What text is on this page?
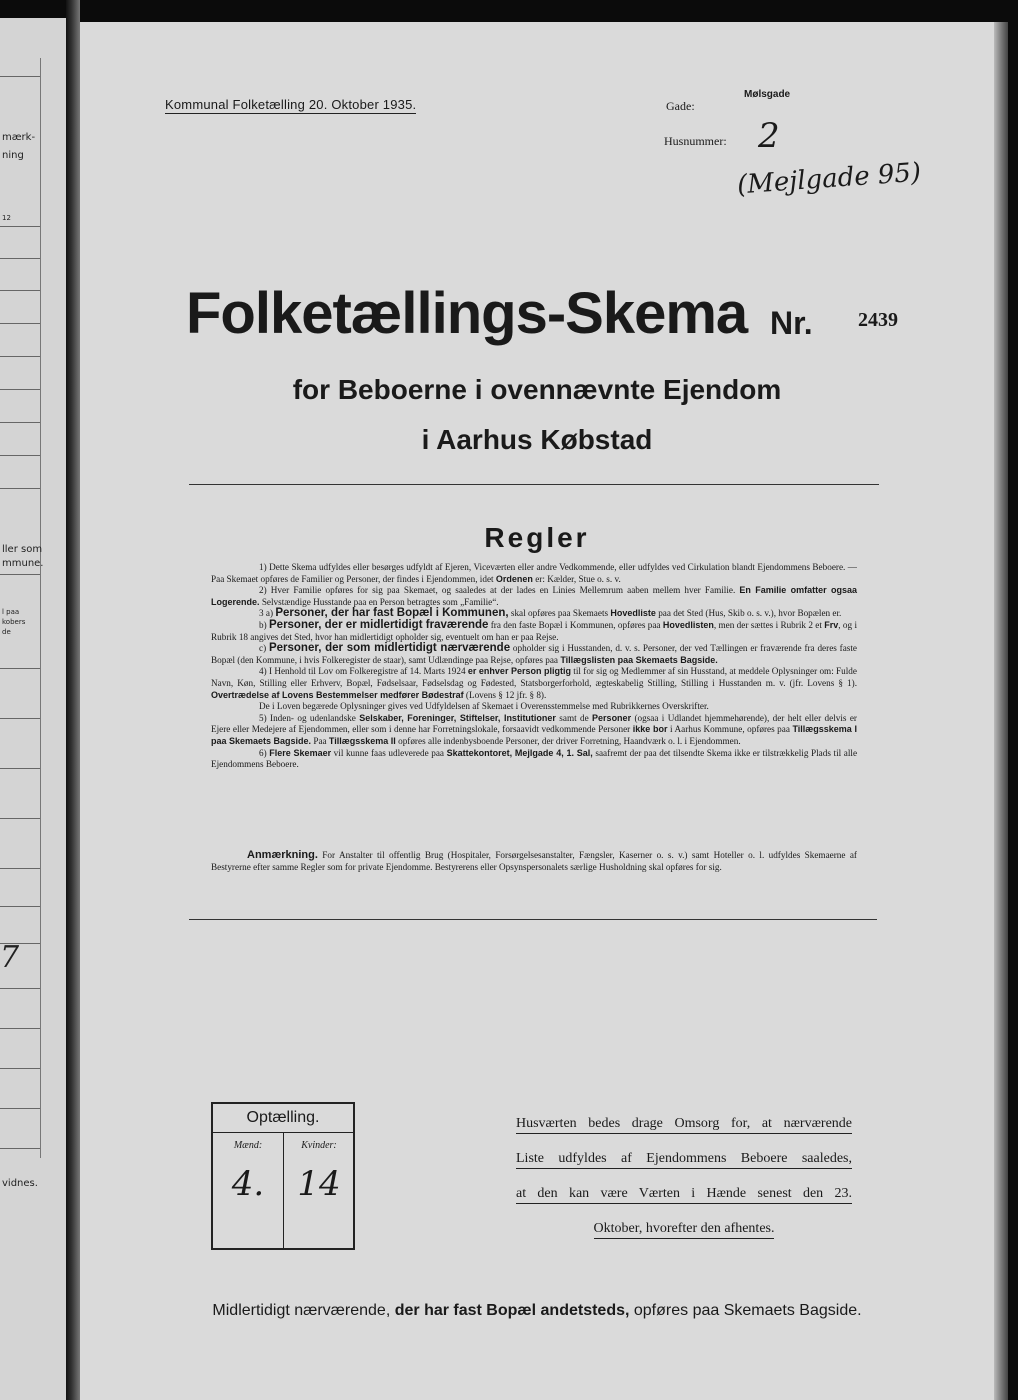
mærk-
ning
12
ller som
mmune.
l paa
kobers
de
7
vidnes.
Kommunal Folketælling 20. Oktober 1935.	Gade:
Mølsgade
Husnummer: 2
(Mejlgade 95)
Folketællings-Skema Nr. 2439
for Beboerne i ovennævnte Ejendom
i Aarhus Købstad
Regler

1) Dette Skema udfyldes eller besørges udfyldt af Ejeren, Viceværten eller andre Vedkommende, eller udfyldes ved Cirkulation blandt Ejendommens Beboere. — Paa Skemaet opføres de Familier og Personer, der findes i Ejendommen, idet Ordenen er: Kælder, Stue o. s. v.

2) Hver Familie opføres for sig paa Skemaet, og saaledes at der lades en Linies Mellemrum aaben mellem hver Familie. En Familie omfatter ogsaa Logerende. Selvstændige Husstande paa en Person betragtes som „Familie“.

3 a) Personer, der har fast Bopæl i Kommunen, skal opføres paa Skemaets Hovedliste paa det Sted (Hus, Skib o. s. v.), hvor Bopælen er.

b) Personer, der er midlertidigt fraværende fra den faste Bopæl i Kommunen, opføres paa Hovedlisten, men der sættes i Rubrik 2 et Frv, og i Rubrik 18 angives det Sted, hvor han midlertidigt opholder sig, eventuelt om han er paa Rejse.

c) Personer, der som midlertidigt nærværende opholder sig i Husstanden, d. v. s. Personer, der ved Tællingen er fraværende fra deres faste Bopæl (den Kommune, i hvis Folkeregister de staar), samt Udlændinge paa Rejse, opføres paa Tillægslisten paa Skemaets Bagside.

4) I Henhold til Lov om Folkeregistre af 14. Marts 1924 er enhver Person pligtig til for sig og Medlemmer af sin Husstand, at meddele Oplysninger om: Fulde Navn, Køn, Stilling eller Erhverv, Bopæl, Fødselsaar, Fødselsdag og Fødested, Statsborgerforhold, ægteskabelig Stilling, Stilling i Husstanden m. v. (jfr. Lovens § 1). Overtrædelse af Lovens Bestemmelser medfører Bødestraf (Lovens § 12 jfr. § 8).

De i Loven begærede Oplysninger gives ved Udfyldelsen af Skemaet i Overensstemmelse med Rubrikkernes Overskrifter.

5) Inden- og udenlandske Selskaber, Foreninger, Stiftelser, Institutioner samt de Personer (ogsaa i Udlandet hjemmehørende), der helt eller delvis er Ejere eller Medejere af Ejendommen, eller som i denne har Forretningslokale, forsaavidt vedkommende Personer ikke bor i Aarhus Kommune, opføres paa Tillægsskema I paa Skemaets Bagside. Paa Tillægsskema II opføres alle indenbysboende Personer, der driver Forretning, Haandværk o. l. i Ejendommen.

6) Flere Skemaer vil kunne faas udleverede paa Skattekontoret, Mejlgade 4, 1. Sal, saafremt der paa det tilsendte Skema ikke er tilstrækkelig Plads til alle Ejendommens Beboere.

Anmærkning. For Anstalter til offentlig Brug (Hospitaler, Forsørgelsesanstalter, Fængsler, Kaserner o. s. v.) samt Hoteller o. l. udfyldes Skemaerne af Bestyrerne efter samme Regler som for private Ejendomme. Bestyrerens eller Opsynspersonalets særlige Husholdning skal opføres for sig.

Optælling.
Mænd:	Kvinder:
4. 14
Husværten bedes drage Omsorg for, at nærværende
Liste udfyldes af Ejendommens Beboere saaledes,
at den kan være Værten i Hænde senest den 23.
Oktober, hvorefter den afhentes.
Midlertidigt nærværende, der har fast Bopæl andetsteds, opføres paa Skemaets Bagside.
